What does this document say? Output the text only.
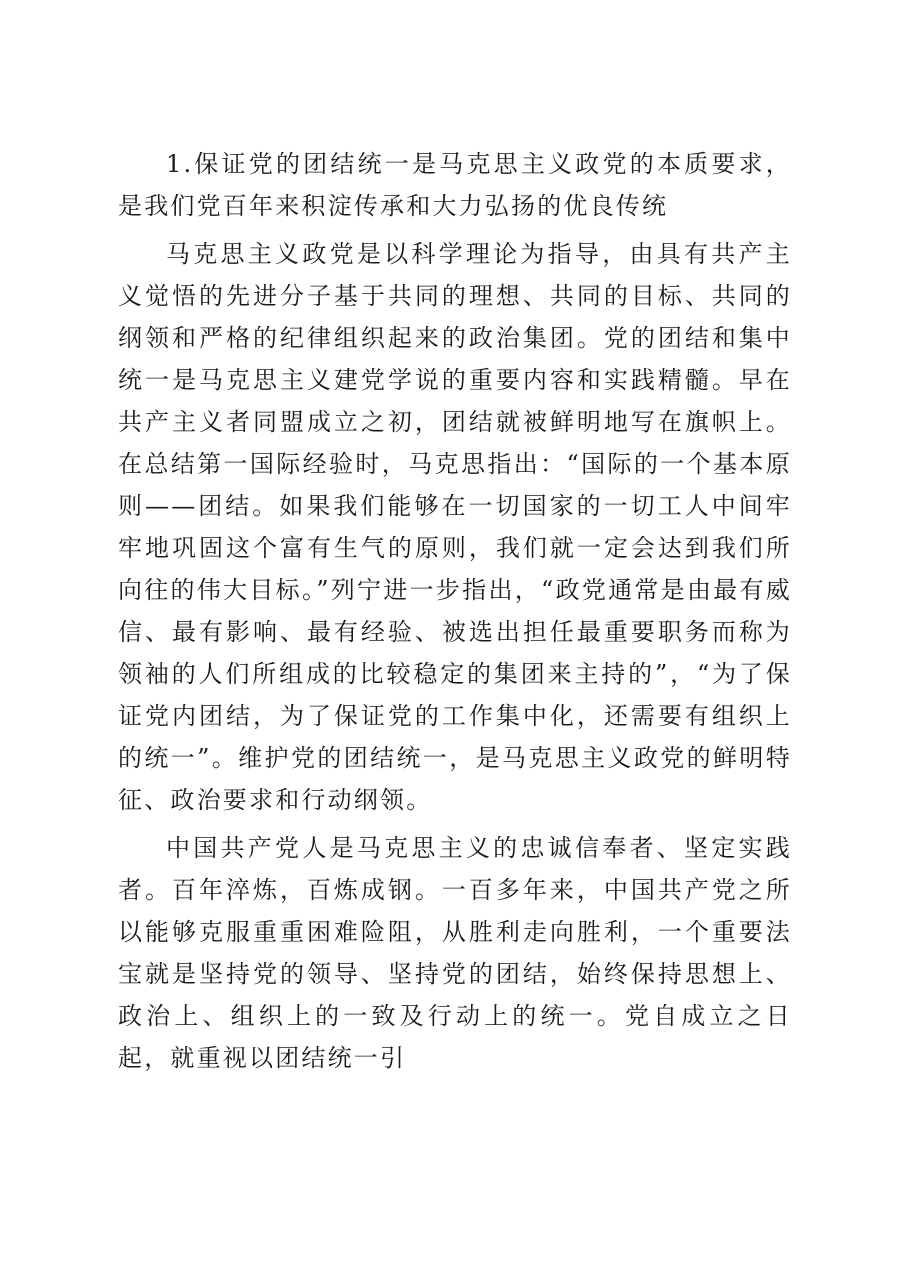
1.保证党的团结统一是马克思主义政党的本质要求，是我们党百年来积淀传承和大力弘扬的优良传统

马克思主义政党是以科学理论为指导，由具有共产主义觉悟的先进分子基于共同的理想、共同的目标、共同的纲领和严格的纪律组织起来的政治集团。党的团结和集中统一是马克思主义建党学说的重要内容和实践精髓。早在共产主义者同盟成立之初，团结就被鲜明地写在旗帜上。在总结第一国际经验时，马克思指出：“国际的一个基本原则——团结。如果我们能够在一切国家的一切工人中间牢牢地巩固这个富有生气的原则，我们就一定会达到我们所向往的伟大目标。”列宁进一步指出，“政党通常是由最有威信、最有影响、最有经验、被选出担任最重要职务而称为领袖的人们所组成的比较稳定的集团来主持的”，“为了保证党内团结，为了保证党的工作集中化，还需要有组织上的统一”。维护党的团结统一，是马克思主义政党的鲜明特征、政治要求和行动纲领。

中国共产党人是马克思主义的忠诚信奉者、坚定实践者。百年淬炼，百炼成钢。一百多年来，中国共产党之所以能够克服重重困难险阻，从胜利走向胜利，一个重要法宝就是坚持党的领导、坚持党的团结，始终保持思想上、政治上、组织上的一致及行动上的统一。党自成立之日起，就重视以团结统一引
